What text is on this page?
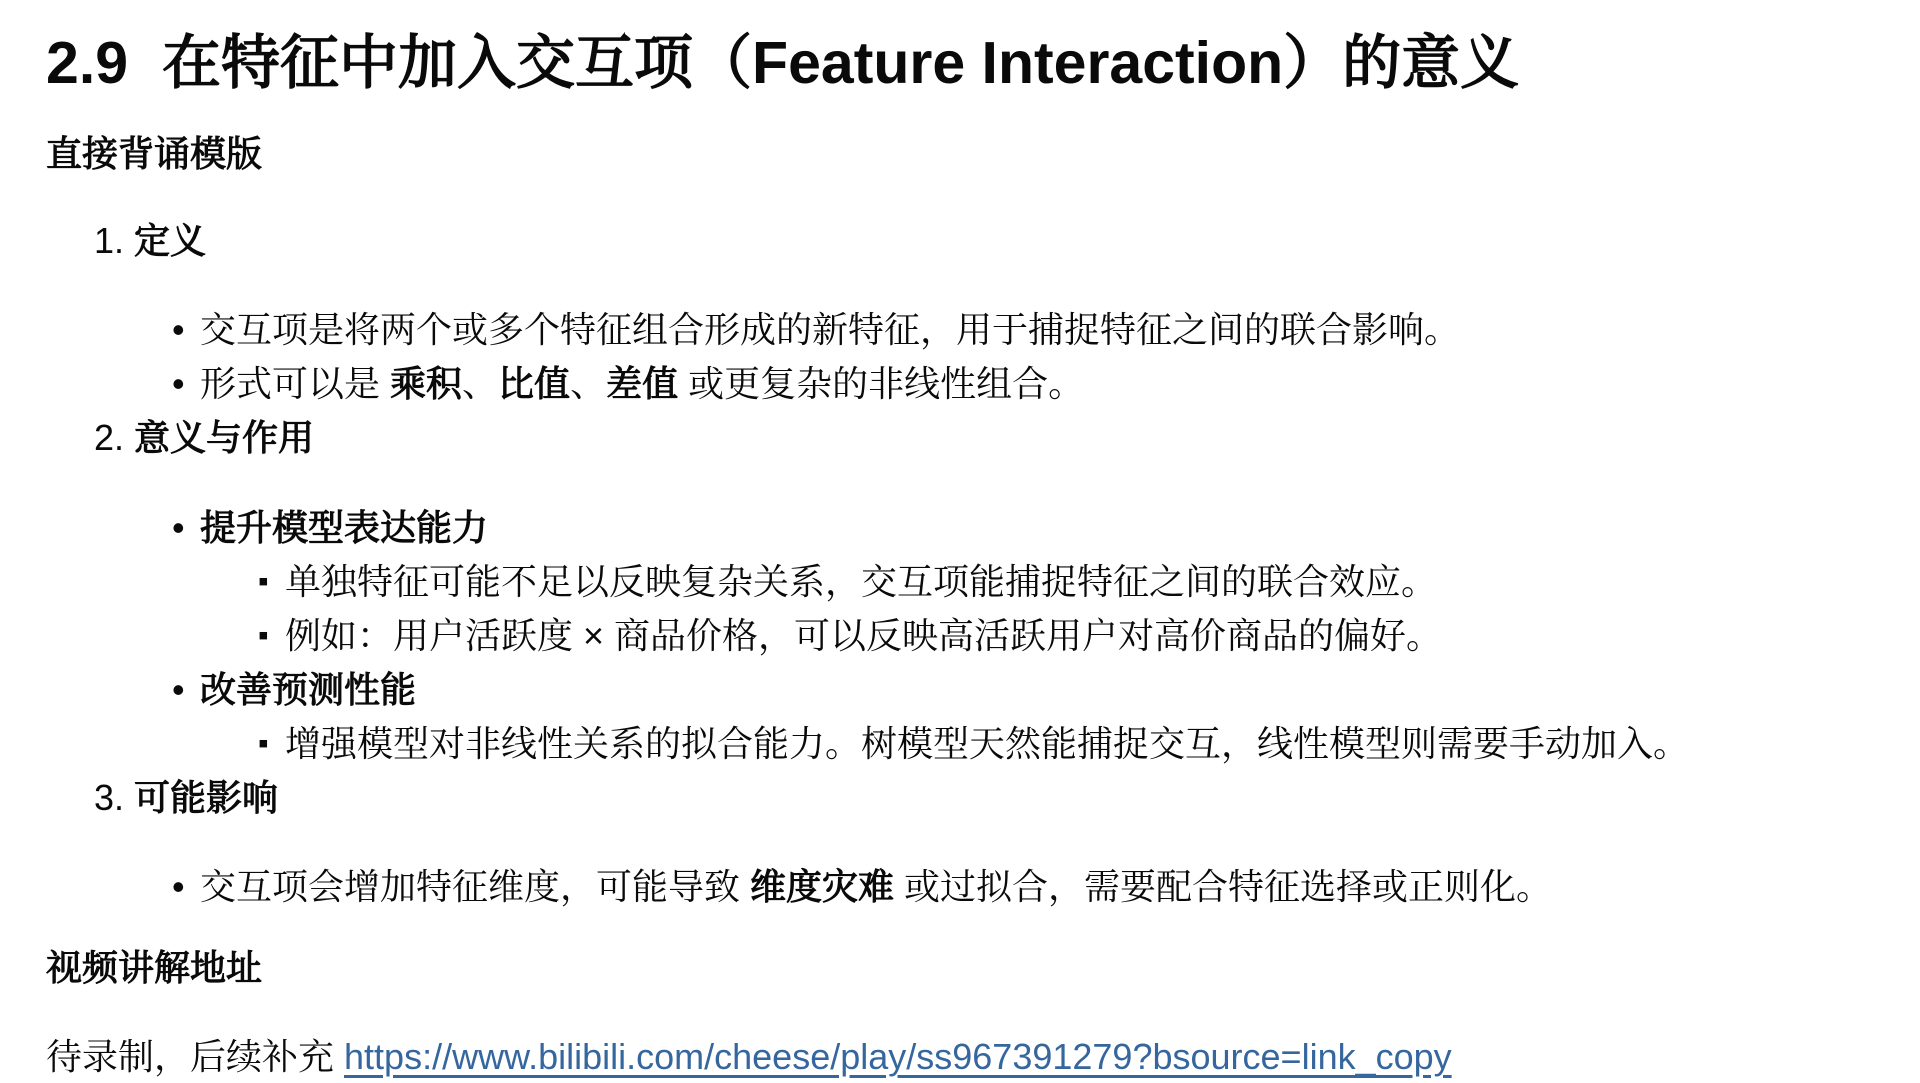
2.9 在特征中加入交互项（Feature Interaction）的意义

直接背诵模版

1. 定义
• 交互项是将两个或多个特征组合形成的新特征，用于捕捉特征之间的联合影响。
• 形式可以是 乘积、比值、差值 或更复杂的非线性组合。
2. 意义与作用
• 提升模型表达能力
▪ 单独特征可能不足以反映复杂关系，交互项能捕捉特征之间的联合效应。
▪ 例如：用户活跃度 × 商品价格，可以反映高活跃用户对高价商品的偏好。
• 改善预测性能
▪ 增强模型对非线性关系的拟合能力。树模型天然能捕捉交互，线性模型则需要手动加入。
3. 可能影响
• 交互项会增加特征维度，可能导致 维度灾难 或过拟合，需要配合特征选择或正则化。

视频讲解地址

待录制，后续补充 https://www.bilibili.com/cheese/play/ss967391279?bsource=link_copy
